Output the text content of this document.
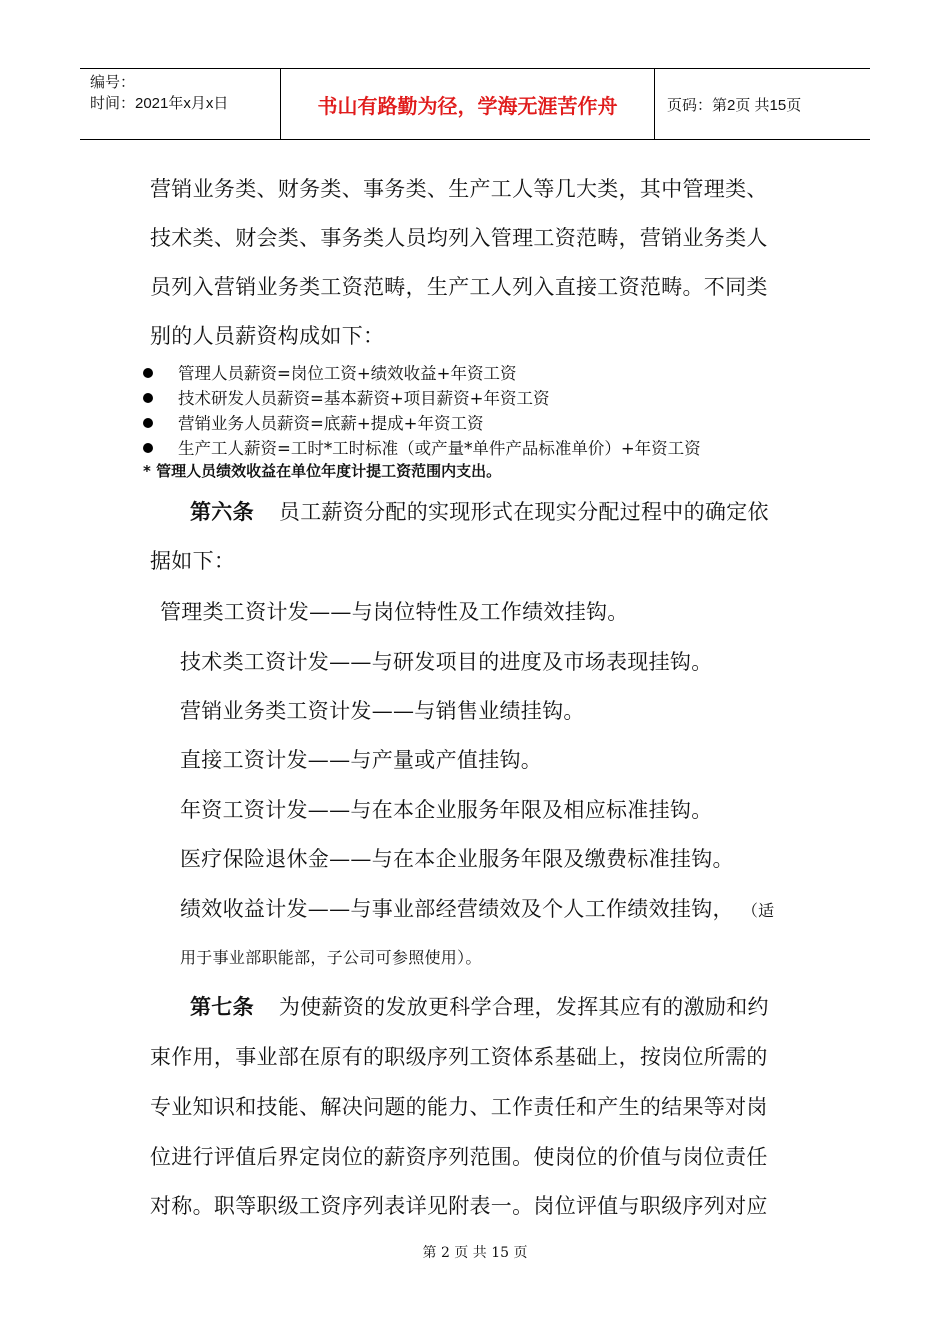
编号：
时间：2021年x月x日	书山有路勤为径，学海无涯苦作舟	页码：第2页 共15页
营销业务类、财务类、事务类、生产工人等几大类，其中管理类、
技术类、财会类、事务类人员均列入管理工资范畴，营销业务类人
员列入营销业务类工资范畴，生产工人列入直接工资范畴。不同类
别的人员薪资构成如下：
管理人员薪资=岗位工资+绩效收益+年资工资
技术研发人员薪资=基本薪资+项目薪资+年资工资
营销业务人员薪资=底薪+提成+年资工资
生产工人薪资=工时*工时标准（或产量*单件产品标准单价）+年资工资
* 管理人员绩效收益在单位年度计提工资范围内支出。
第六条 员工薪资分配的实现形式在现实分配过程中的确定依
据如下：
管理类工资计发——与岗位特性及工作绩效挂钩。
技术类工资计发——与研发项目的进度及市场表现挂钩。
营销业务类工资计发——与销售业绩挂钩。
直接工资计发——与产量或产值挂钩。
年资工资计发——与在本企业服务年限及相应标准挂钩。
医疗保险退休金——与在本企业服务年限及缴费标准挂钩。
绩效收益计发——与事业部经营绩效及个人工作绩效挂钩， （适
用于事业部职能部，子公司可参照使用）。
第七条 为使薪资的发放更科学合理，发挥其应有的激励和约
束作用，事业部在原有的职级序列工资体系基础上，按岗位所需的
专业知识和技能、解决问题的能力、工作责任和产生的结果等对岗
位进行评值后界定岗位的薪资序列范围。使岗位的价值与岗位责任
对称。职等职级工资序列表详见附表一。岗位评值与职级序列对应
第 2 页 共 15 页
